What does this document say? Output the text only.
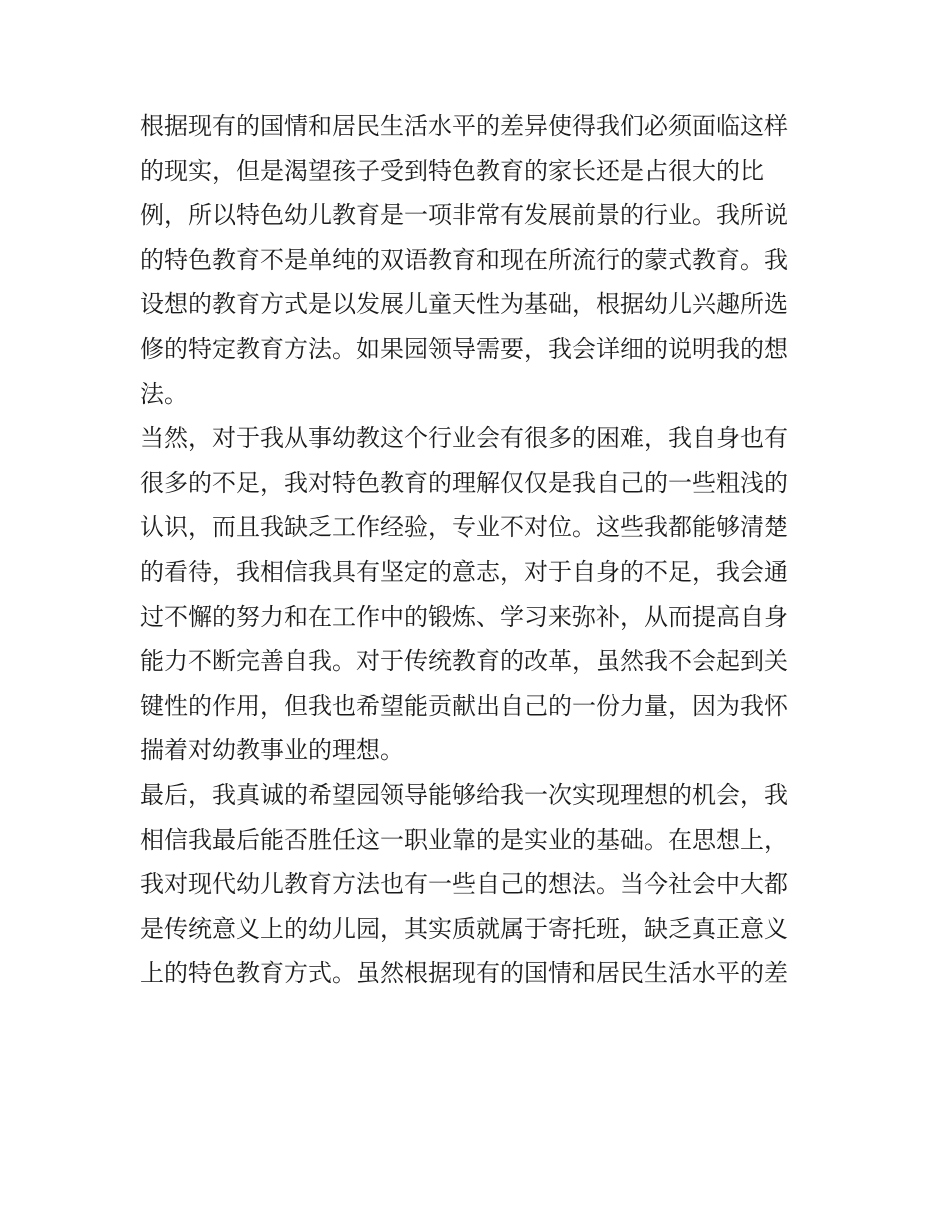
根据现有的国情和居民生活水平的差异使得我们必须面临这样
的现实，但是渴望孩子受到特色教育的家长还是占很大的比
例，所以特色幼儿教育是一项非常有发展前景的行业。我所说
的特色教育不是单纯的双语教育和现在所流行的蒙式教育。我
设想的教育方式是以发展儿童天性为基础，根据幼儿兴趣所选
修的特定教育方法。如果园领导需要，我会详细的说明我的想
法。
当然，对于我从事幼教这个行业会有很多的困难，我自身也有
很多的不足，我对特色教育的理解仅仅是我自己的一些粗浅的
认识，而且我缺乏工作经验，专业不对位。这些我都能够清楚
的看待，我相信我具有坚定的意志，对于自身的不足，我会通
过不懈的努力和在工作中的锻炼、学习来弥补，从而提高自身
能力不断完善自我。对于传统教育的改革，虽然我不会起到关
键性的作用，但我也希望能贡献出自己的一份力量，因为我怀
揣着对幼教事业的理想。
最后，我真诚的希望园领导能够给我一次实现理想的机会，我
相信我最后能否胜任这一职业靠的是实业的基础。在思想上，
我对现代幼儿教育方法也有一些自己的想法。当今社会中大都
是传统意义上的幼儿园，其实质就属于寄托班，缺乏真正意义
上的特色教育方式。虽然根据现有的国情和居民生活水平的差
